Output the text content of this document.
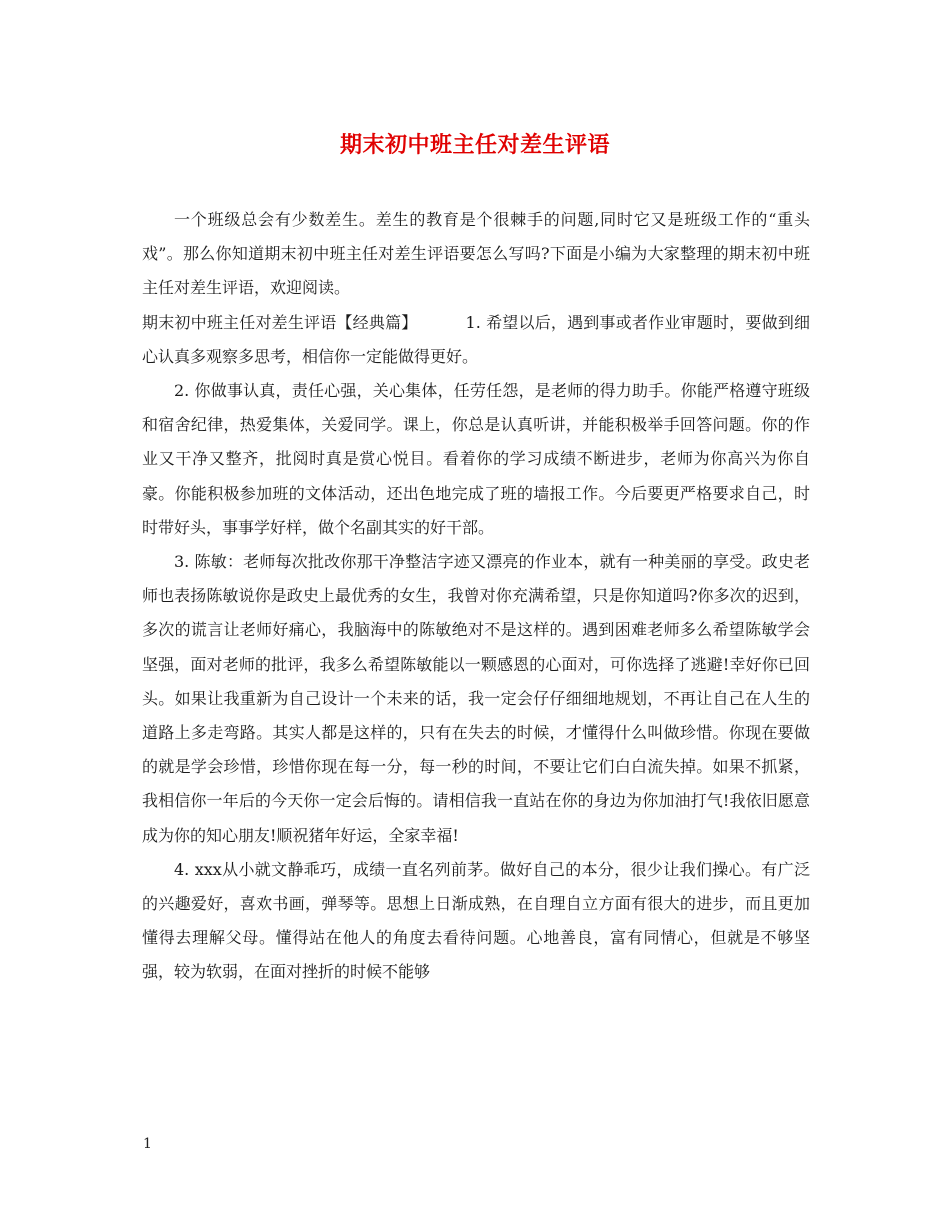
期末初中班主任对差生评语

一个班级总会有少数差生。差生的教育是个很棘手的问题,同时它又是班级工作的“重头戏”。那么你知道期末初中班主任对差生评语要怎么写吗?下面是小编为大家整理的期末初中班主任对差生评语，欢迎阅读。

期末初中班主任对差生评语【经典篇】	1. 希望以后，遇到事或者作业审题时，要做到细心认真多观察多思考，相信你一定能做得更好。

2. 你做事认真，责任心强，关心集体，任劳任怨，是老师的得力助手。你能严格遵守班级和宿舍纪律，热爱集体，关爱同学。课上，你总是认真听讲，并能积极举手回答问题。你的作业又干净又整齐，批阅时真是赏心悦目。看着你的学习成绩不断进步，老师为你高兴为你自豪。你能积极参加班的文体活动，还出色地完成了班的墙报工作。今后要更严格要求自己，时时带好头，事事学好样，做个名副其实的好干部。

3. 陈敏：老师每次批改你那干净整洁字迹又漂亮的作业本，就有一种美丽的享受。政史老师也表扬陈敏说你是政史上最优秀的女生，我曾对你充满希望，只是你知道吗?你多次的迟到，多次的谎言让老师好痛心，我脑海中的陈敏绝对不是这样的。遇到困难老师多么希望陈敏学会坚强，面对老师的批评，我多么希望陈敏能以一颗感恩的心面对，可你选择了逃避!幸好你已回头。如果让我重新为自己设计一个未来的话，我一定会仔仔细细地规划，不再让自己在人生的道路上多走弯路。其实人都是这样的，只有在失去的时候，才懂得什么叫做珍惜。你现在要做的就是学会珍惜，珍惜你现在每一分，每一秒的时间，不要让它们白白流失掉。如果不抓紧，我相信你一年后的今天你一定会后悔的。请相信我一直站在你的身边为你加油打气!我依旧愿意成为你的知心朋友!顺祝猪年好运，全家幸福!

4. xxx从小就文静乖巧，成绩一直名列前茅。做好自己的本分，很少让我们操心。有广泛的兴趣爱好，喜欢书画，弹琴等。思想上日渐成熟，在自理自立方面有很大的进步，而且更加懂得去理解父母。懂得站在他人的角度去看待问题。心地善良，富有同情心，但就是不够坚强，较为软弱，在面对挫折的时候不能够

1
